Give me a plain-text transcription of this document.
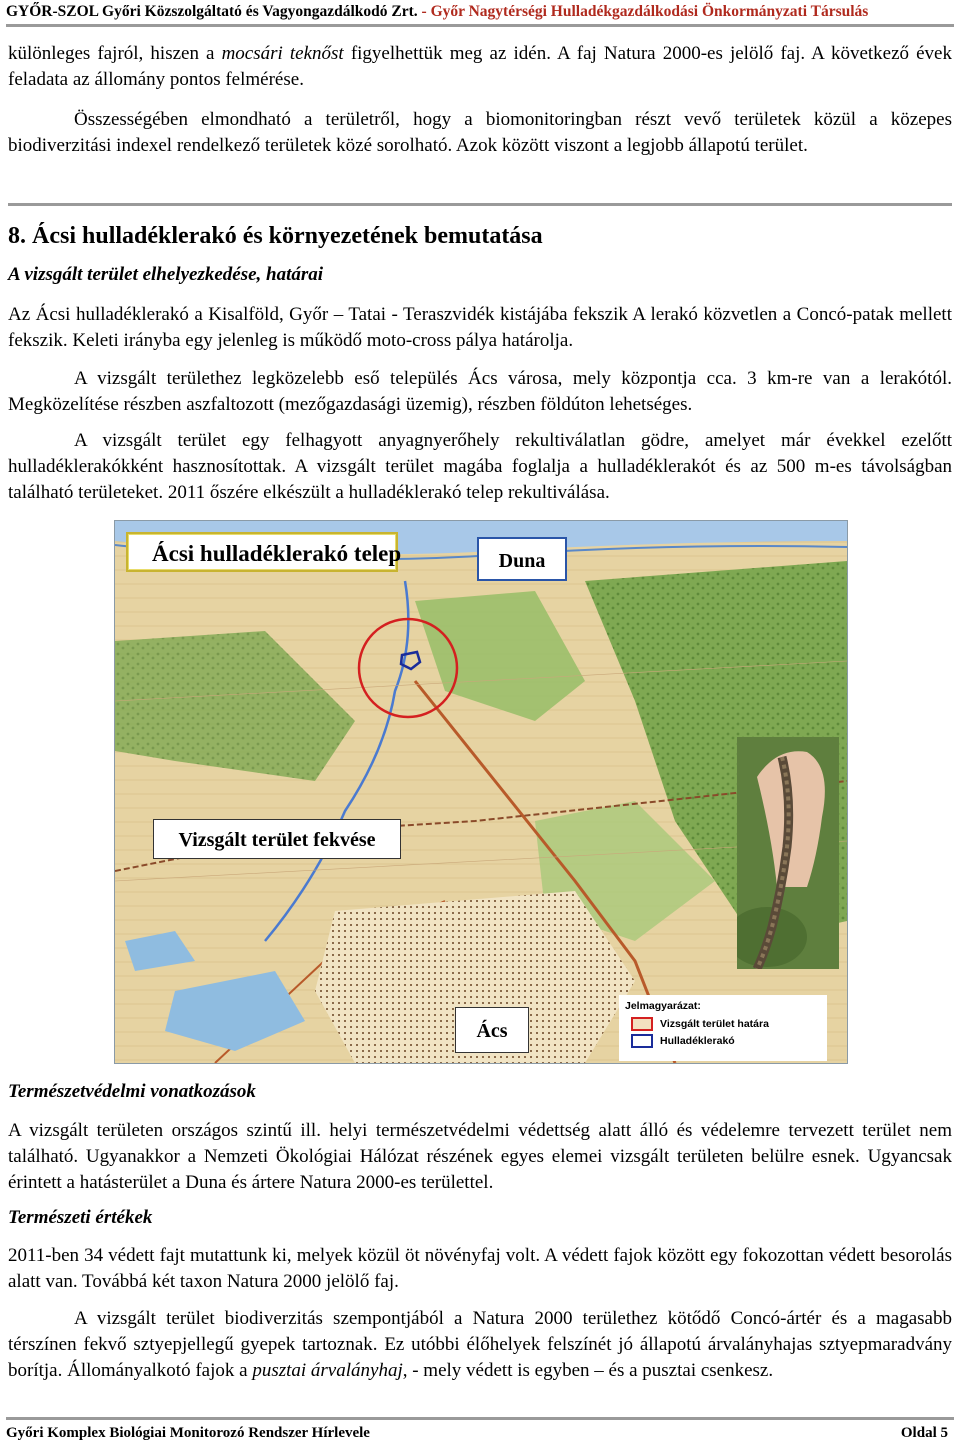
GYŐR-SZOL Győri Közszolgáltató és Vagyongazdálkodó Zrt. - Győr Nagytérségi Hulladékgazdálkodási Önkormányzati Társulás

különleges fajról, hiszen a mocsári teknőst figyelhettük meg az idén. A faj Natura 2000-es jelölő faj. A következő évek feladata az állomány pontos felmérése.

Összességében elmondható a területről, hogy a biomonitoringban részt vevő területek közül a közepes biodiverzitási indexel rendelkező területek közé sorolható. Azok között viszont a legjobb állapotú terület.

8. Ácsi hulladéklerakó és környezetének bemutatása

A vizsgált terület elhelyezkedése, határai

Az Ácsi hulladéklerakó a Kisalföld, Győr – Tatai - Teraszvidék kistájába fekszik A lerakó közvetlen a Concó-patak mellett fekszik. Keleti irányba egy jelenleg is működő moto-cross pálya határolja.

A vizsgált területhez legközelebb eső település Ács városa, mely központja cca. 3 km-re van a lerakótól. Megközelítése részben aszfaltozott (mezőgazdasági üzemig), részben földúton lehetséges.

A vizsgált terület egy felhagyott anyagnyerőhely rekultiválatlan gödre, amelyet már évekkel ezelőtt hulladéklerakókként hasznosítottak. A vizsgált terület magába foglalja a hulladéklerakót és az 500 m-es távolságban található területeket. 2011 őszére elkészült a hulladéklerakó telep rekultiválása.

Ácsi hulladéklerakó telep	Duna
Vizsgált terület fekvése
Ács

Jelmagyarázat:

Vizsgált terület határa
Hulladéklerakó

Természetvédelmi vonatkozások

A vizsgált területen országos szintű ill. helyi természetvédelmi védettség alatt álló és védelemre tervezett terület nem található. Ugyanakkor a Nemzeti Ökológiai Hálózat részének egyes elemei vizsgált területen belülre esnek. Ugyancsak érintett a hatásterület a Duna és ártere Natura 2000-es területtel.

Természeti értékek

2011-ben 34 védett fajt mutattunk ki, melyek közül öt növényfaj volt. A védett fajok között egy fokozottan védett besorolás alatt van. Továbbá két taxon Natura 2000 jelölő faj.

A vizsgált terület biodiverzitás szempontjából a Natura 2000 területhez kötődő Concó-ártér és a magasabb térszínen fekvő sztyepjellegű gyepek tartoznak. Ez utóbbi élőhelyek felszínét jó állapotú árvalányhajas sztyepmaradvány borítja. Állományalkotó fajok a pusztai árvalányhaj, - mely védett is egyben – és a pusztai csenkesz.

Győri Komplex Biológiai Monitorozó Rendszer Hírlevele	Oldal 5
